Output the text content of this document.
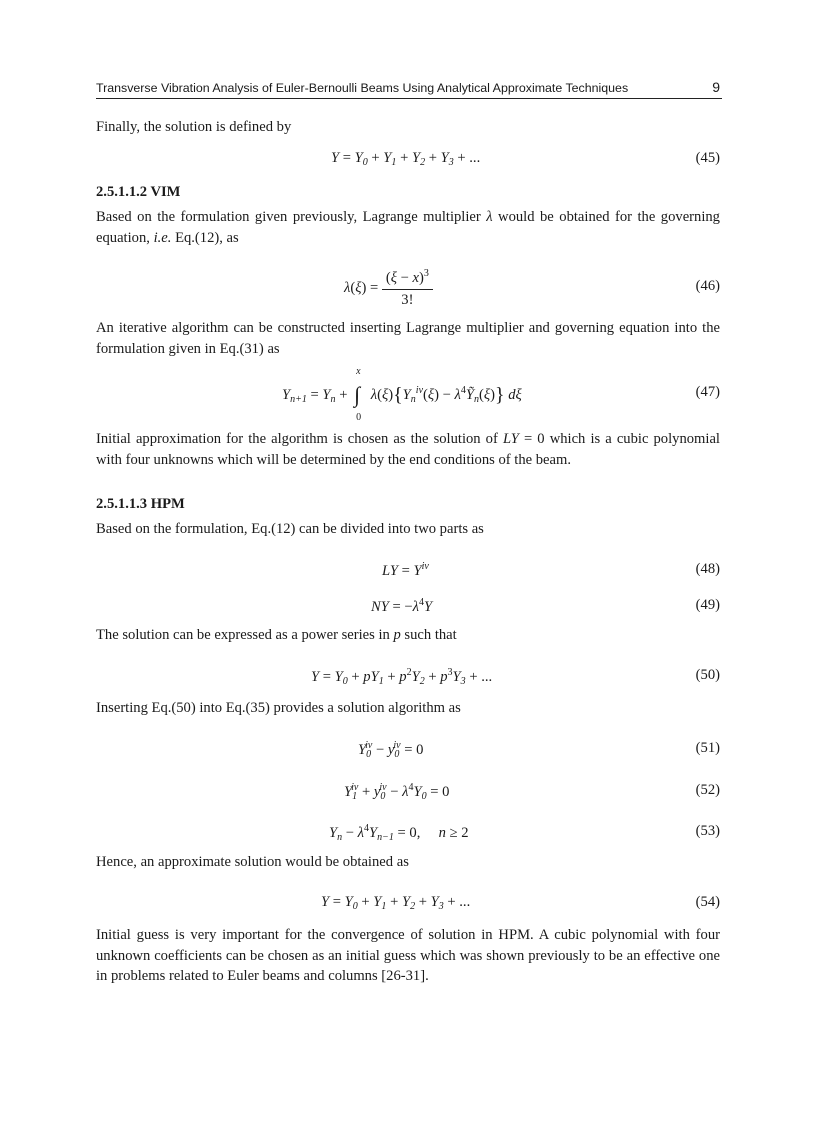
Transverse Vibration Analysis of Euler-Bernoulli Beams Using Analytical Approximate Techniques	9
Finally, the solution is defined by
$Y = Y_0 + Y_1 + Y_2 + Y_3$ + ...	(45)
2.5.1.1.2 VIM
Based on the formulation given previously, Lagrange multiplier λ would be obtained for the governing equation, i.e. Eq.(12), as
$\lambda(\xi) = \frac{(\xi - x)^3}{3!}$	(46)
An iterative algorithm can be constructed inserting Lagrange multiplier and governing equation into the formulation given in Eq.(31) as
$Y_{n+1} = Y_n$ +
x
∫
0
$\lambda(\xi)\{Y_n^{iv}(\xi)$ − $\lambda^4Ỹ_n(\xi)$} dξ	(47)
Initial approximation for the algorithm is chosen as the solution of LY = 0 which is a cubic polynomial with four unknowns which will be determined by the end conditions of the beam.
2.5.1.1.3 HPM
Based on the formulation, Eq.(12) can be divided into two parts as
LY = $Y^{iv}$	(48)
NY = $-\lambda^4Y$	(49)
The solution can be expressed as a power series in p such that
$Y = Y_0 + pY_1 + p^2Y_2 + p^3Y_3$ + ...	(50)
Inserting Eq.(50) into Eq.(35) provides a solution algorithm as
$Y_0^{iv} - y_0^{iv} = 0$	(51)
$Y_1^{iv} + y_0^{iv} - \lambda^4Y_0 = 0$	(52)
$Y_n - \lambda^4Y_{n-1} = 0$,     n ≥ 2	(53)
Hence, an approximate solution would be obtained as
$Y = Y_0 + Y_1 + Y_2 + Y_3$ + ...	(54)
Initial guess is very important for the convergence of solution in HPM. A cubic polynomial with four unknown coefficients can be chosen as an initial guess which was shown previously to be an effective one in problems related to Euler beams and columns [26-31].
